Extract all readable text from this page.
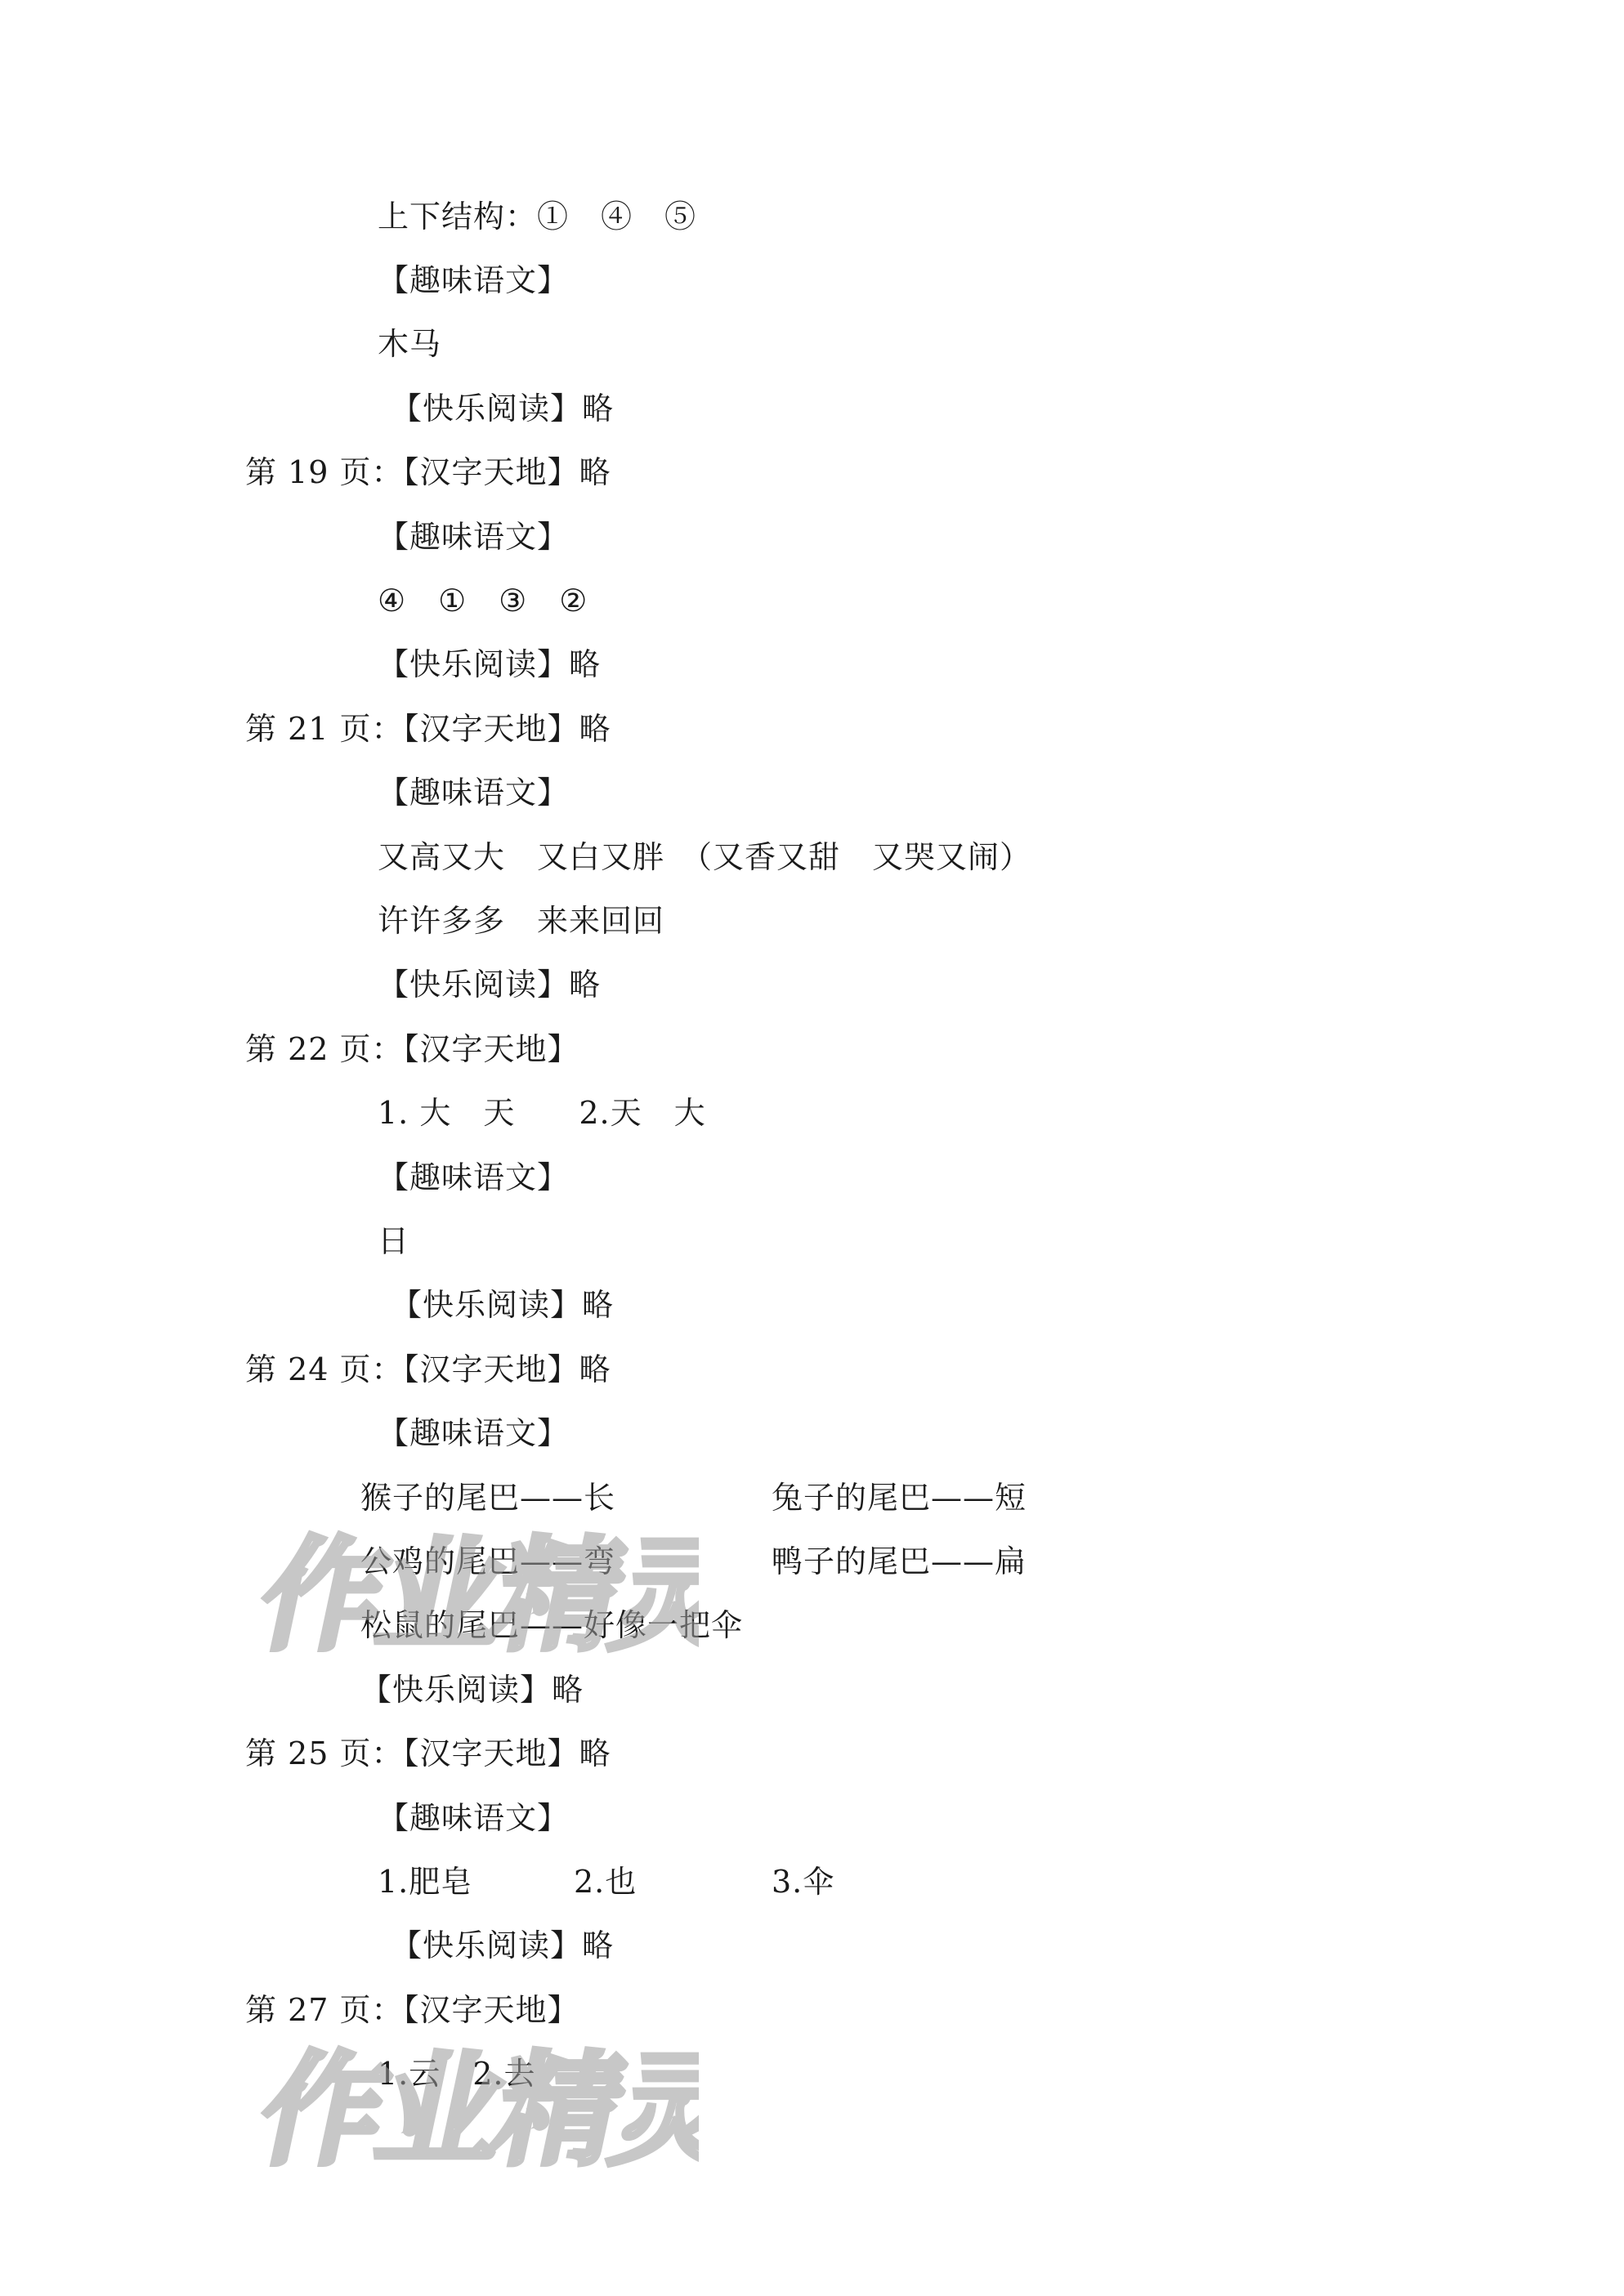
上下结构：①　④　⑤
【趣味语文】
木马
【快乐阅读】略
第 19 页：【汉字天地】略
【趣味语文】
④　①　③　②
【快乐阅读】略
第 21 页：【汉字天地】略
【趣味语文】
又高又大　又白又胖　（又香又甜　又哭又闹）
许许多多　来来回回
【快乐阅读】略
第 22 页：【汉字天地】
1. 大　天　　2.天　大
【趣味语文】
日
【快乐阅读】略
第 24 页：【汉字天地】略
【趣味语文】
猴子的尾巴——长	兔子的尾巴——短
公鸡的尾巴——弯	鸭子的尾巴——扁
松鼠的尾巴——好像一把伞
【快乐阅读】略
第 25 页：【汉字天地】略
【趣味语文】
1.肥皂	2.也	3.伞
【快乐阅读】略
第 27 页：【汉字天地】
1.云　2.去
作业精灵
作业精灵
